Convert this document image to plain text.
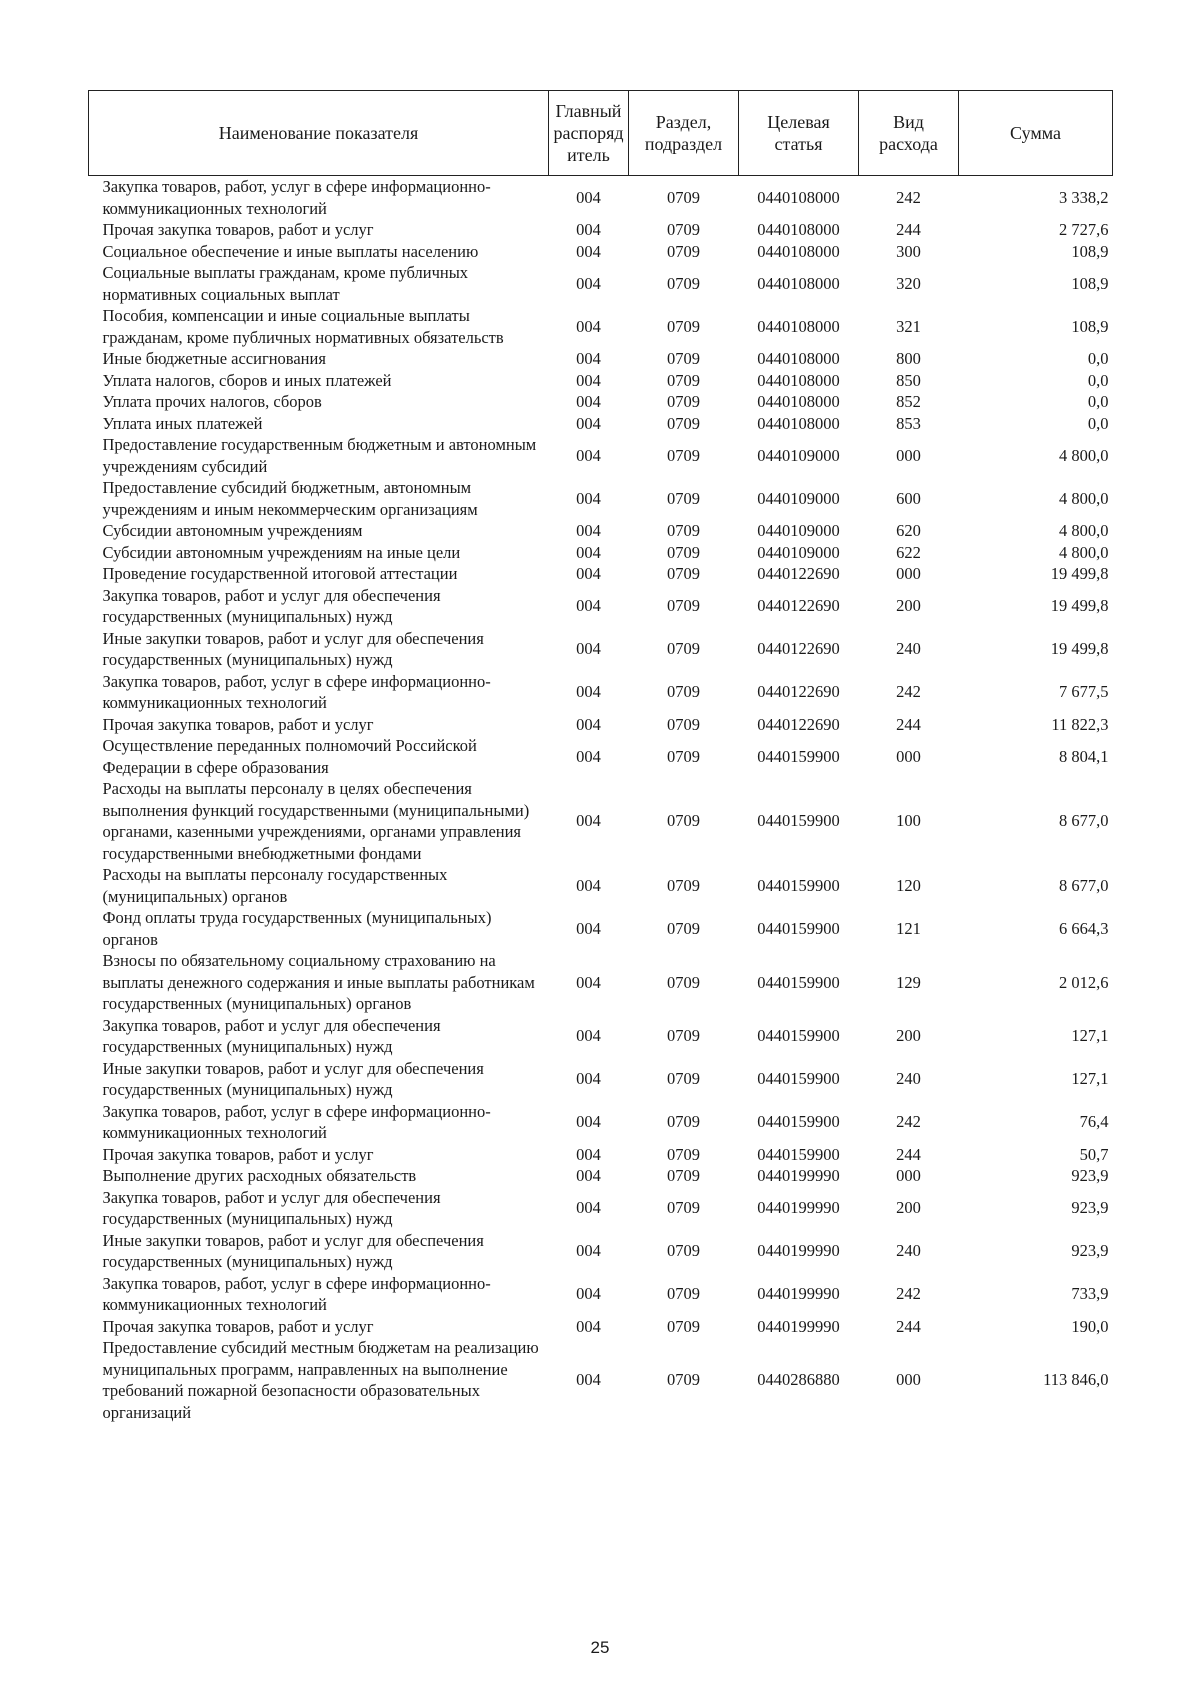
Наименование показателя	Главный распоряд итель	Раздел, подраздел	Целевая статья	Вид расхода	Сумма
Закупка товаров, работ, услуг в сфере информационно-коммуникационных технологий	004	0709	0440108000	242	3 338,2
Прочая закупка товаров, работ и услуг	004	0709	0440108000	244	2 727,6
Социальное обеспечение и иные выплаты населению	004	0709	0440108000	300	108,9
Социальные выплаты гражданам, кроме публичных нормативных социальных выплат	004	0709	0440108000	320	108,9
Пособия, компенсации и иные социальные выплаты гражданам, кроме публичных нормативных обязательств	004	0709	0440108000	321	108,9
Иные бюджетные ассигнования	004	0709	0440108000	800	0,0
Уплата налогов, сборов и иных платежей	004	0709	0440108000	850	0,0
Уплата прочих налогов, сборов	004	0709	0440108000	852	0,0
Уплата иных платежей	004	0709	0440108000	853	0,0
Предоставление государственным бюджетным и автономным учреждениям субсидий	004	0709	0440109000	000	4 800,0
Предоставление субсидий бюджетным, автономным учреждениям и иным некоммерческим организациям	004	0709	0440109000	600	4 800,0
Субсидии автономным учреждениям	004	0709	0440109000	620	4 800,0
Субсидии автономным учреждениям на иные цели	004	0709	0440109000	622	4 800,0
Проведение государственной итоговой аттестации	004	0709	0440122690	000	19 499,8
Закупка товаров, работ и услуг для обеспечения государственных (муниципальных) нужд	004	0709	0440122690	200	19 499,8
Иные закупки товаров, работ и услуг для обеспечения государственных (муниципальных) нужд	004	0709	0440122690	240	19 499,8
Закупка товаров, работ, услуг в сфере информационно-коммуникационных технологий	004	0709	0440122690	242	7 677,5
Прочая закупка товаров, работ и услуг	004	0709	0440122690	244	11 822,3
Осуществление переданных полномочий Российской Федерации в сфере образования	004	0709	0440159900	000	8 804,1
Расходы на выплаты персоналу в целях обеспечения выполнения функций государственными (муниципальными) органами, казенными учреждениями, органами управления государственными внебюджетными фондами	004	0709	0440159900	100	8 677,0
Расходы на выплаты персоналу государственных (муниципальных) органов	004	0709	0440159900	120	8 677,0
Фонд оплаты труда государственных (муниципальных) органов	004	0709	0440159900	121	6 664,3
Взносы по обязательному социальному страхованию на выплаты денежного содержания и иные выплаты работникам государственных (муниципальных) органов	004	0709	0440159900	129	2 012,6
Закупка товаров, работ и услуг для обеспечения государственных (муниципальных) нужд	004	0709	0440159900	200	127,1
Иные закупки товаров, работ и услуг для обеспечения государственных (муниципальных) нужд	004	0709	0440159900	240	127,1
Закупка товаров, работ, услуг в сфере информационно-коммуникационных технологий	004	0709	0440159900	242	76,4
Прочая закупка товаров, работ и услуг	004	0709	0440159900	244	50,7
Выполнение других расходных обязательств	004	0709	0440199990	000	923,9
Закупка товаров, работ и услуг для обеспечения государственных (муниципальных) нужд	004	0709	0440199990	200	923,9
Иные закупки товаров, работ и услуг для обеспечения государственных (муниципальных) нужд	004	0709	0440199990	240	923,9
Закупка товаров, работ, услуг в сфере информационно-коммуникационных технологий	004	0709	0440199990	242	733,9
Прочая закупка товаров, работ и услуг	004	0709	0440199990	244	190,0
Предоставление субсидий местным бюджетам на реализацию муниципальных программ, направленных на выполнение требований пожарной безопасности образовательных организаций	004	0709	0440286880	000	113 846,0
25
